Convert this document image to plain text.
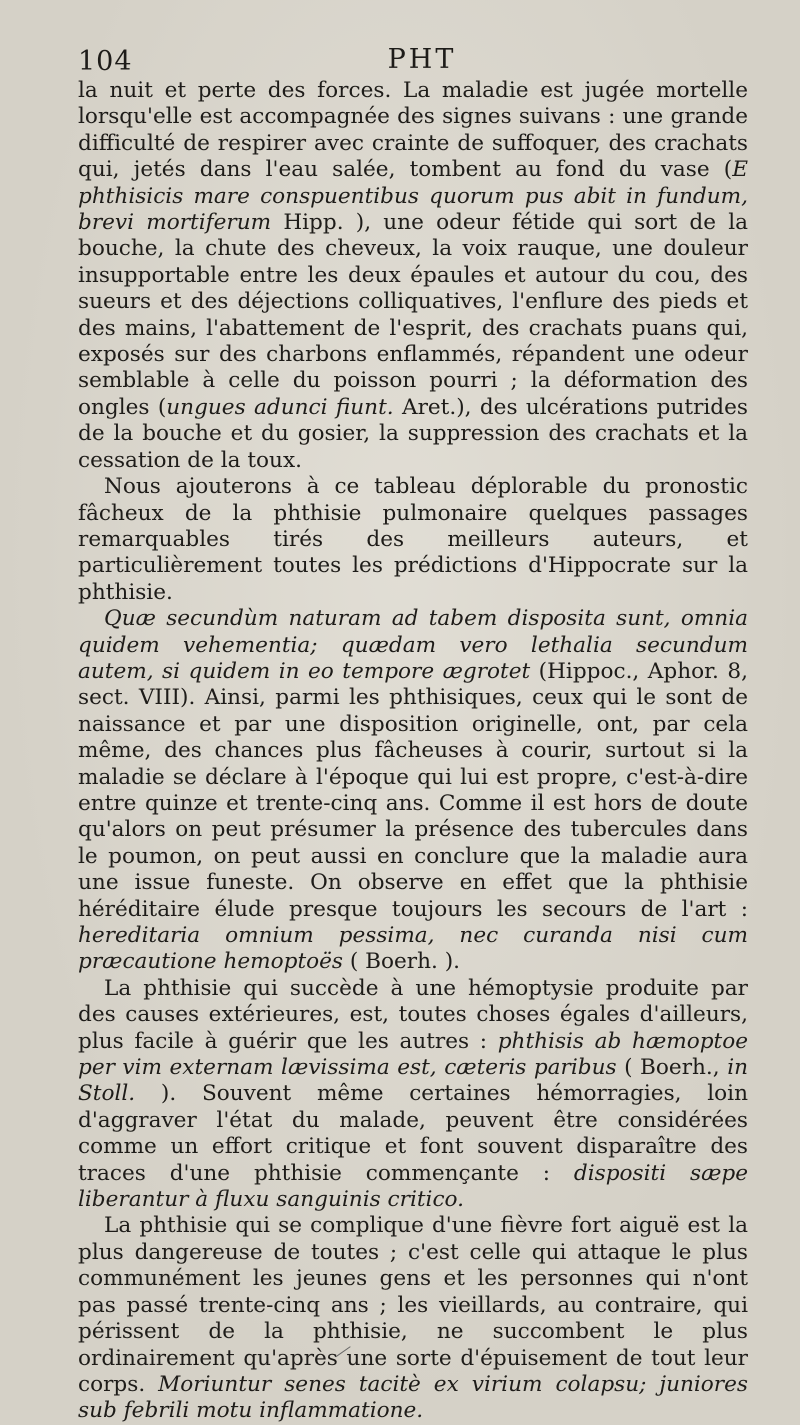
104	PHT

la nuit et perte des forces. La maladie est jugée mortelle lorsqu'elle est accompagnée des signes suivans : une grande difficulté de respirer avec crainte de suffoquer, des crachats qui, jetés dans l'eau salée, tombent au fond du vase (E phthisicis mare conspuentibus quorum pus abit in fundum, brevi mortiferum Hipp. ), une odeur fétide qui sort de la bouche, la chute des cheveux, la voix rauque, une douleur insupportable entre les deux épaules et autour du cou, des sueurs et des déjections colliquatives, l'enflure des pieds et des mains, l'abattement de l'esprit, des crachats puans qui, exposés sur des charbons enflammés, répandent une odeur semblable à celle du poisson pourri ; la déformation des ongles (ungues adunci fiunt. Aret.), des ulcérations putrides de la bouche et du gosier, la suppression des crachats et la cessation de la toux.

Nous ajouterons à ce tableau déplorable du pronostic fâcheux de la phthisie pulmonaire quelques passages remarquables tirés des meilleurs auteurs, et particulièrement toutes les prédictions d'Hippocrate sur la phthisie.

Quæ secundùm naturam ad tabem disposita sunt, omnia quidem vehementia; quædam vero lethalia secundum autem, si quidem in eo tempore ægrotet (Hippoc., Aphor. 8, sect. VIII). Ainsi, parmi les phthisiques, ceux qui le sont de naissance et par une disposition originelle, ont, par cela même, des chances plus fâcheuses à courir, surtout si la maladie se déclare à l'époque qui lui est propre, c'est-à-dire entre quinze et trente-cinq ans. Comme il est hors de doute qu'alors on peut présumer la présence des tubercules dans le poumon, on peut aussi en conclure que la maladie aura une issue funeste. On observe en effet que la phthisie héréditaire élude presque toujours les secours de l'art : hereditaria omnium pessima, nec curanda nisi cum præcautione hemoptoës ( Boerh. ).

La phthisie qui succède à une hémoptysie produite par des causes extérieures, est, toutes choses égales d'ailleurs, plus facile à guérir que les autres : phthisis ab hæmoptoe per vim externam lævissima est, cæteris paribus ( Boerh., in Stoll. ). Souvent même certaines hémorragies, loin d'aggraver l'état du malade, peuvent être considérées comme un effort critique et font souvent disparaître des traces d'une phthisie commençante : dispositi sæpe liberantur à fluxu sanguinis critico.

La phthisie qui se complique d'une fièvre fort aiguë est la plus dangereuse de toutes ; c'est celle qui attaque le plus communément les jeunes gens et les personnes qui n'ont pas passé trente-cinq ans ; les vieillards, au contraire, qui périssent de la phthisie, ne succombent le plus ordinairement qu'après une sorte d'épuisement de tout leur corps. Moriuntur senes tacitè ex virium colapsu; juniores sub febrili motu inflammatione.
